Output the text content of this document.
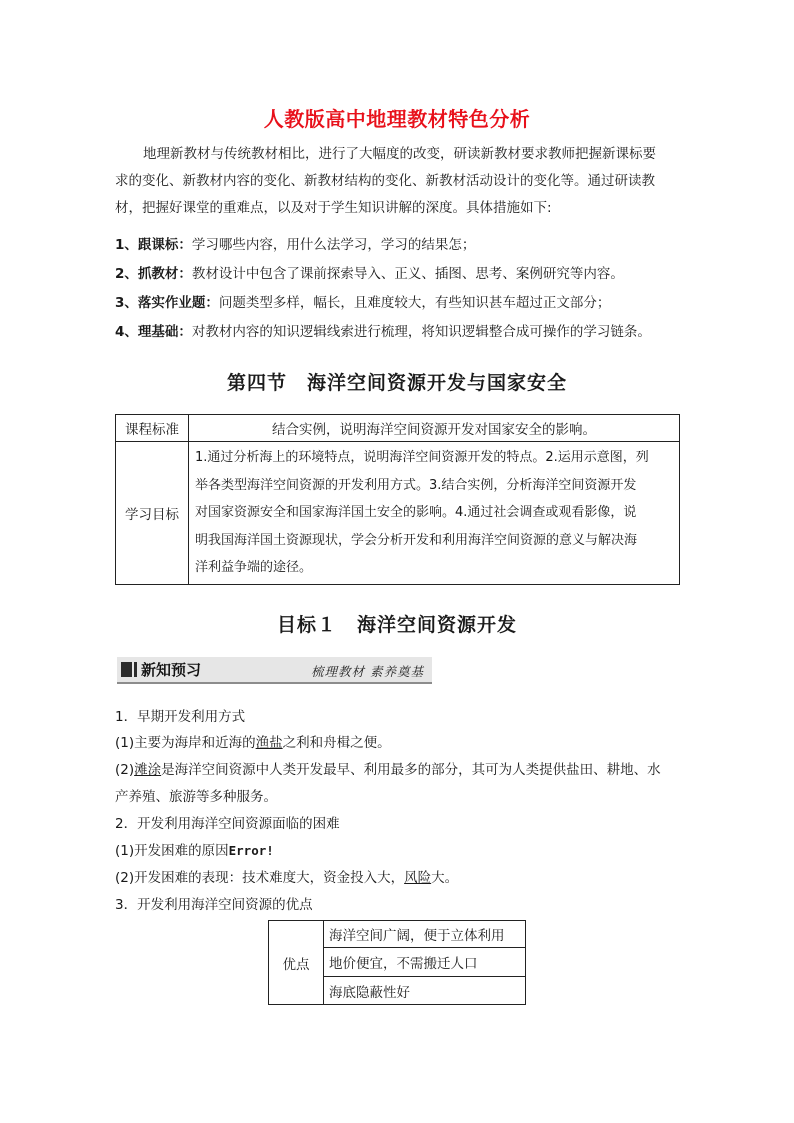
人教版高中地理教材特色分析
地理新教材与传统教材相比，进行了大幅度的改变，研读新教材要求教师把握新课标要
求的变化、新教材内容的变化、新教材结构的变化、新教材活动设计的变化等。通过研读教
材，把握好课堂的重难点，以及对于学生知识讲解的深度。具体措施如下:
1、跟课标：学习哪些内容，用什么法学习，学习的结果怎；
2、抓教材：教材设计中包含了课前探索导入、正义、插图、思考、案例研究等内容。
3、落实作业题：问题类型多样，幅长，且难度较大，有些知识甚车超过正文部分；
4、理基础：对教材内容的知识逻辑线索进行梳理，将知识逻辑整合成可操作的学习链条。
第四节　海洋空间资源开发与国家安全
课程标准	结合实例，说明海洋空间资源开发对国家安全的影响。
学习目标	1.通过分析海上的环境特点，说明海洋空间资源开发的特点。2.运用示意图，列
举各类型海洋空间资源的开发利用方式。3.结合实例，分析海洋空间资源开发
对国家资源安全和国家海洋国土安全的影响。4.通过社会调查或观看影像，说
明我国海洋国土资源现状，学会分析开发和利用海洋空间资源的意义与解决海
洋利益争端的途径。
目标１　海洋空间资源开发
新知预习	梳理教材 素养奠基
1．早期开发利用方式
(1)主要为海岸和近海的渔盐之利和舟楫之便。
(2)滩涂是海洋空间资源中人类开发最早、利用最多的部分，其可为人类提供盐田、耕地、水
产养殖、旅游等多种服务。
2．开发利用海洋空间资源面临的困难
(1)开发困难的原因Error!
(2)开发困难的表现：技术难度大，资金投入大，风险大。
3．开发利用海洋空间资源的优点
优点	海洋空间广阔，便于立体利用
地价便宜，不需搬迁人口
海底隐蔽性好
